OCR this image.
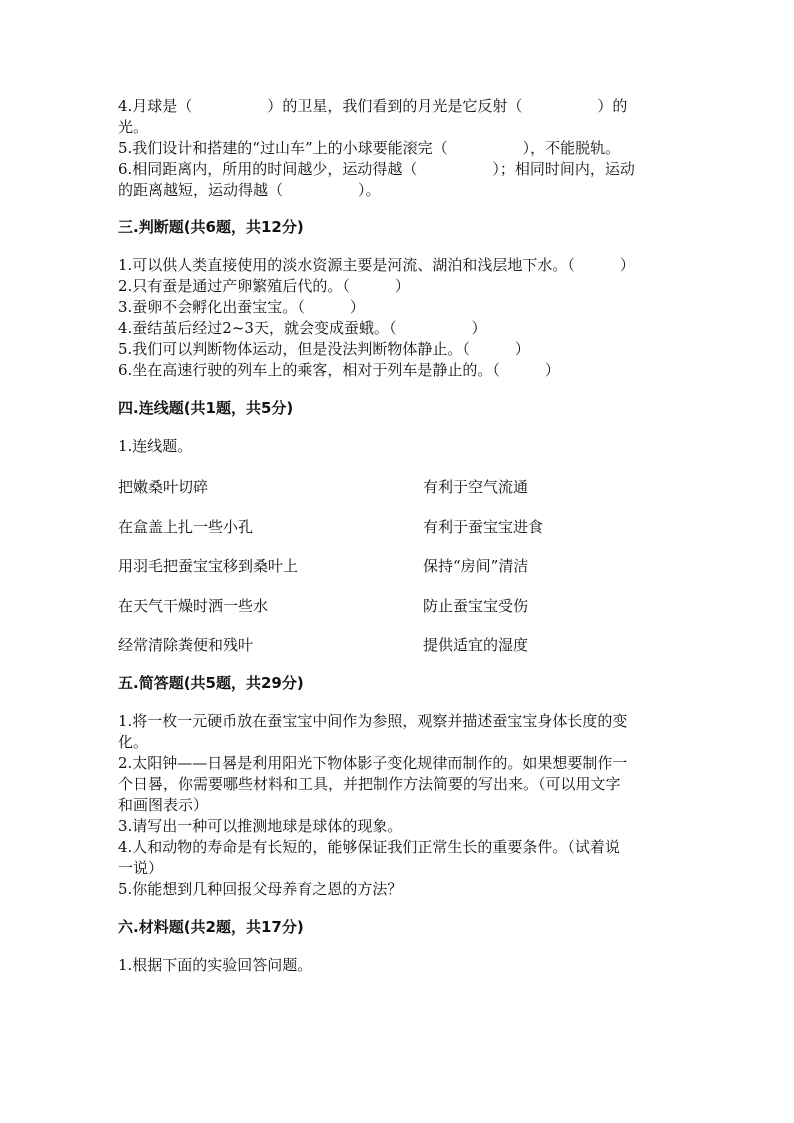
4.月球是（　　　　　）的卫星，我们看到的月光是它反射（　　　　　）的

光。

5.我们设计和搭建的“过山车”上的小球要能滚完（　　　　　），不能脱轨。

6.相同距离内，所用的时间越少，运动得越（　　　　　）；相同时间内，运动

的距离越短，运动得越（　　　　　）。

三.判断题(共6题，共12分)

1.可以供人类直接使用的淡水资源主要是河流、湖泊和浅层地下水。（　　　）

2.只有蚕是通过产卵繁殖后代的。（　　　）

3.蚕卵不会孵化出蚕宝宝。（　　　）

4.蚕结茧后经过2~3天，就会变成蚕蛾。（　　　　　）

5.我们可以判断物体运动，但是没法判断物体静止。（　　　）

6.坐在高速行驶的列车上的乘客，相对于列车是静止的。（　　　）

四.连线题(共1题，共5分)

1.连线题。

把嫩桑叶切碎	有利于空气流通
在盒盖上扎一些小孔	有利于蚕宝宝进食
用羽毛把蚕宝宝移到桑叶上	保持“房间”清洁
在天气干燥时洒一些水	防止蚕宝宝受伤
经常清除粪便和残叶	提供适宜的湿度
五.简答题(共5题，共29分)

1.将一枚一元硬币放在蚕宝宝中间作为参照，观察并描述蚕宝宝身体长度的变

化。

2.太阳钟——日晷是利用阳光下物体影子变化规律而制作的。如果想要制作一

个日晷，你需要哪些材料和工具，并把制作方法简要的写出来。（可以用文字

和画图表示）

3.请写出一种可以推测地球是球体的现象。

4.人和动物的寿命是有长短的，能够保证我们正常生长的重要条件。（试着说

一说）

5.你能想到几种回报父母养育之恩的方法？

六.材料题(共2题，共17分)

1.根据下面的实验回答问题。
